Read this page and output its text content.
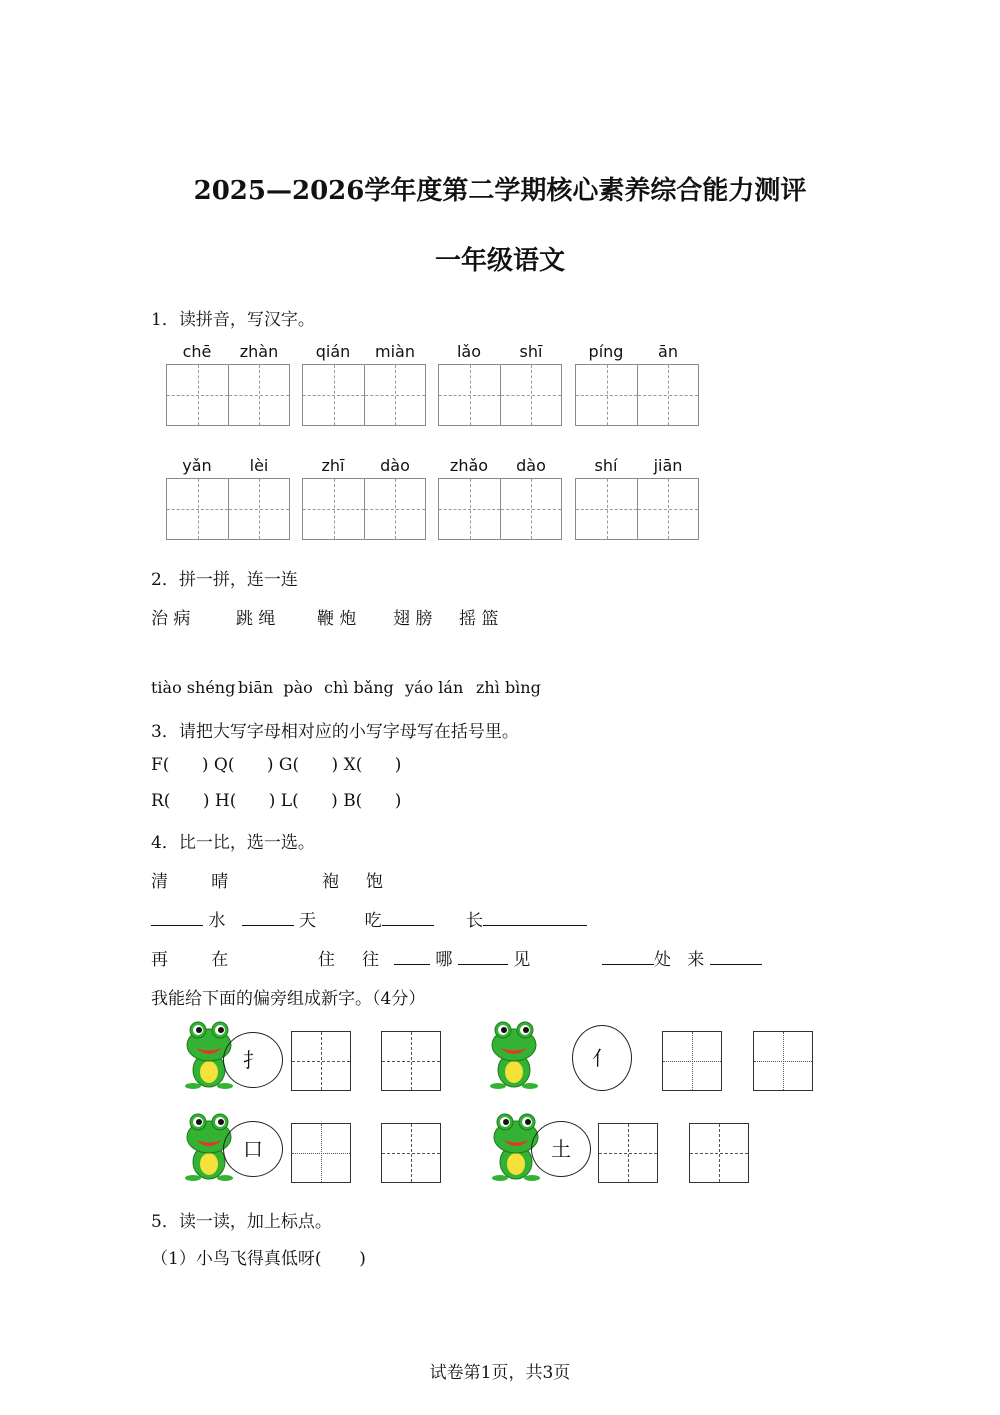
2025—2026学年度第二学期核心素养综合能力测评
一年级语文
1．读拼音，写汉字。
chē	zhàn	qián	miàn	lǎo	shī	píng	ān
yǎn	lèi	zhī	dào	zhǎo	dào	shí	jiān
2．拼一拼，连一连
治 病	跳 绳 鞭 炮 翅 膀 摇 篮
tiào shéng biān  pào chì bǎng yáo lán zhì bìng
3．请把大写字母相对应的小写字母写在括号里。
F(      ) Q(      ) G(      ) X(      )
R(      ) H(      ) L(      ) B(      )
4．比一比，选一选。
清        晴	袍     饱
水	天	吃	长
再        在	住     往	哪	见	处   来
我能给下面的偏旁组成新字。（4分）
扌	亻
口	土
5．读一读，加上标点。
（1）小鸟飞得真低呀(       )
试卷第1页，共3页
